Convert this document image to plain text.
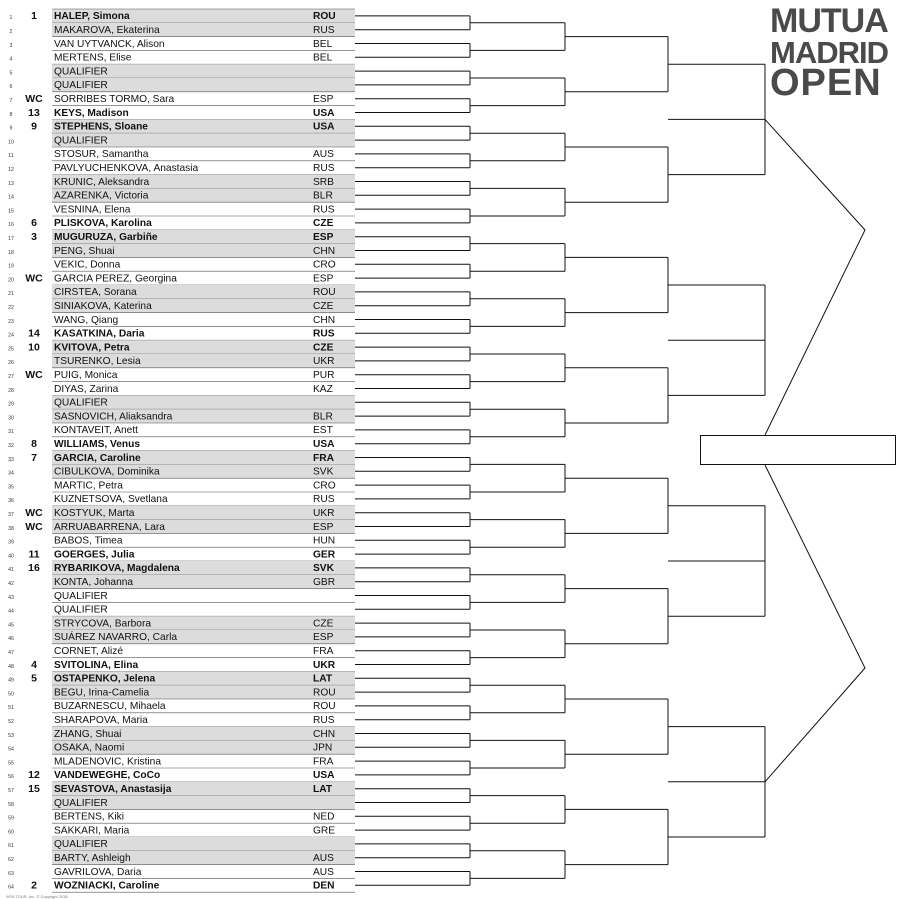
1 1 HALEP, Simona	ROU
2	MAKAROVA, Ekaterina	RUS
3	VAN UYTVANCK, Alison	BEL
4	MERTENS, Elise	BEL
5	QUALIFIER
6	QUALIFIER
7 WC SORRIBES TORMO, Sara	ESP
8 13 KEYS, Madison	USA
9 9 STEPHENS, Sloane	USA
10	QUALIFIER
11	STOSUR, Samantha	AUS
12	PAVLYUCHENKOVA, Anastasia	RUS
13	KRUNIC, Aleksandra	SRB
14	AZARENKA, Victoria	BLR
15	VESNINA, Elena	RUS
16 6 PLISKOVA, Karolina	CZE
17 3 MUGURUZA, Garbiñe	ESP
18	PENG, Shuai	CHN
19	VEKIC, Donna	CRO
20 WC GARCIA PEREZ, Georgina	ESP
21	CIRSTEA, Sorana	ROU
22	SINIAKOVA, Katerina	CZE
23	WANG, Qiang	CHN
24 14 KASATKINA, Daria	RUS
25 10 KVITOVA, Petra	CZE
26	TSURENKO, Lesia	UKR
27 WC PUIG, Monica	PUR
28	DIYAS, Zarina	KAZ
29	QUALIFIER
30	SASNOVICH, Aliaksandra	BLR
31	KONTAVEIT, Anett	EST
32 8 WILLIAMS, Venus	USA
33 7 GARCIA, Caroline	FRA
34	CIBULKOVA, Dominika	SVK
35	MARTIC, Petra	CRO
36	KUZNETSOVA, Svetlana	RUS
37 WC KOSTYUK, Marta	UKR
38 WC ARRUABARRENA, Lara	ESP
39	BABOS, Timea	HUN
40 11 GOERGES, Julia	GER
41 16 RYBARIKOVA, Magdalena	SVK
42	KONTA, Johanna	GBR
43	QUALIFIER
44	QUALIFIER
45	STRYCOVA, Barbora	CZE
46	SUÁREZ NAVARRO, Carla	ESP
47	CORNET, Alizé	FRA
48 4 SVITOLINA, Elina	UKR
49 5 OSTAPENKO, Jelena	LAT
50	BEGU, Irina-Camelia	ROU
51	BUZARNESCU, Mihaela	ROU
52	SHARAPOVA, Maria	RUS
53	ZHANG, Shuai	CHN
54	OSAKA, Naomi	JPN
55	MLADENOVIC, Kristina	FRA
56 12 VANDEWEGHE, CoCo	USA
57 15 SEVASTOVA, Anastasija	LAT
58	QUALIFIER
59	BERTENS, Kiki	NED
60	SAKKARI, Maria	GRE
61	QUALIFIER
62	BARTY, Ashleigh	AUS
63	GAVRILOVA, Daria	AUS
64 2 WOZNIACKI, Caroline	DEN
MUTUA
MADRID
OPEN
WTA TOUR, Inc. © Copyright 2018
